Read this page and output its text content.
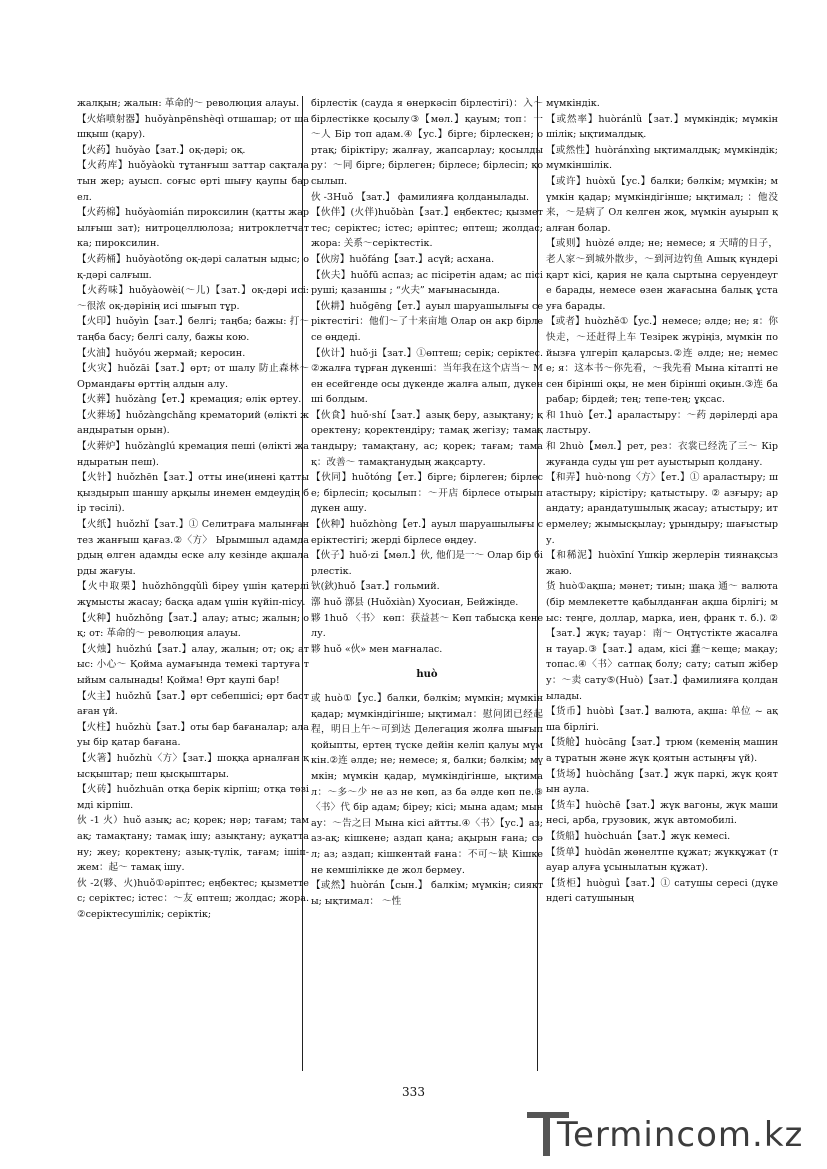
жалқын; жалын: 革命的～ революция алауы.

【火焰喷射器】huǒyànpēnshèqì отшашар; от шашқыш (қару).

【火药】huǒyào【зат.】оқ-дәрі; оқ.

【火药库】huǒyàokù тұтанғыш заттар сақталатын жер; ауысп. соғыс өрті шығу қаупы бар ел.

【火药棉】huǒyàomián пироксилин (қатты жарылғыш зат); нитроцеллюлоза; нитроклетчатка; пироксилин.

【火药桶】huǒyàotǒng оқ-дәрі салатын ыдыс; оқ-дәрі салғыш.

【火药味】huǒyàowèi(～儿)【зат.】оқ-дәрі исі: ～很浓 оқ-дәрінің исі шығып тұр.

【火印】huǒyìn【зат.】белгі; таңба; бажы: 打～ таңба басу; белгі салу, бажы кою.

【火油】huǒyóu жермай; керосин.

【火灾】huǒzāi【зат.】өрт; от шалу 防止森林～ Ормандағы өрттің алдын алу.

【火葬】huǒzàng【ет.】кремация; өлік өртеу.

【火葬场】huǒzàngchǎng крематорий (өлікті жандыратын орын).

【火葬炉】huǒzànglú кремация пеші (өлікті жандыратын пеш).

【火针】huǒzhēn【зат.】отты ине(иненi қатты қыздырып шаншу арқылы инемен емдеудің бір тәсілі).

【火纸】huǒzhǐ【зат.】① Селитраға малынған тез жанғыш қағаз.②〈方〉 Ырымшыл адамдардың өлген адамды еске алу кезінде ақшаларды жағуы.

【火中取栗】huǒzhōngqǔlì біреу үшін қатерлі жұмысты жасау; басқа адам үшін күйіп-пісу.

【火种】huǒzhǒng【зат.】алау; атыс; жалын; оқ; от: 革命的～ революция алауы.

【火烛】huǒzhú【зат.】алау, жалын; от; оқ; атыс: 小心～ Қойма аумағында темекі тартуға тыйым салынады! Қойма! Өрт қаупі бар!

【火主】huǒzhǔ【зат.】өрт себепшісі; өрт бастаған үй.

【火柱】huǒzhù【зат.】оты бар бағаналар; алауы бір қатар бағана.

【火箸】huǒzhù〈方〉【зат.】шоққа арналған қысқыштар; пеш қысқыштары.

【火砖】huǒzhuān отқа берік кірпіш; отқа төзімді кірпіш.

伙 -1 火）huǒ азық; ас; қорек; нәр; тағам; тамақ; тамақтану; тамақ ішу; азықтану; ауқаттану; жеу; қоректену; азық-түлік, тағам; ішіп-жем：起～ тамақ ішу.

伙 -2(夥、火)huǒ①әріптес; еңбектес; қызметтес; серіктес; істес：～友 өптеш; жолдас; жора.②серіктесушілік; серіктік;

бірлестік (сауда я өнеркәсіп бірлестігі)：入～ бірлестікке қосылу③【мөл.】қауым; топ：一～人 Бір топ адам.④【ус.】бірге; бірлескен; ортақ; біріктіру; жалғау, жапсарлау; қосылдыру：～同 бірге; бірлеген; бірлесе; бірлесіп; қосылып.

伙 -3Huǒ 【зат.】 фамилияға қолданылады.

【伙伴】(火伴)huǒbàn【зат.】еңбектес; қызметтес; серіктес; істес; әріптес; өптеш; жолдас; жора: 关系～серіктестік.

【伙房】huǒfáng【зат.】асүй; асхана.

【伙夫】huǒfū аспаз; ас пісіретін адам; ас пісіруші; қазаншы ; “火夫” мағынасында.

【伙耕】huǒgēng【ет.】ауыл шаруашылығы серіктестігі：他们～了十来亩地 Олар он акр бірлесе өңдеді.

【伙计】huǒ·ji【зат.】①өптеш; серік; серіктес.②жалға тұрған дүкенші：当年我在这个店当～ Мен есейгенде осы дүкенде жалға алып, дүкенші болдым.

【伙食】huǒ·shí【зат.】азық беру, азықтану; қоректену; қоректендіру; тамақ жегізу; тамақтандыру; тамақтану, ас; қорек; тағам; тамақ：改善～ тамақтанудың жақсарту.

【伙同】huǒtóng【ет.】бірге; бірлеген; бірлесе; бірлесіп; қосылып：～开店 бірлесе отырып дүкен ашу.

【伙种】huǒzhòng【ет.】ауыл шаруашылығы серіктестігі; жерді бірлесе өңдеу.

【伙子】huǒ·zi【мөл.】伙, 他们是一～ Олар бір бірлестік.

钬(鈥)huǒ【зат.】гольмий.

漷 huǒ 漷县 (Huǒxiàn) Хуосиан, Бейжіңде.

夥 1huǒ 〈书〉 көп：获益甚～ Көп табысқа кенелу.

夥 huǒ «伙» мен мағналас.

huò

或 huò①【ус.】балки, бәлкім; мүмкін; мүмкін қадар; мүмкіндігінше; ықтимал：慰问团已经起程，明日上午～可到达 Делегация жолға шығып қойыпты, ертең түске дейін келіп қалуы мүмкін.②连 әлде; не; немесе; я, балки; бәлкім; мүмкін; мүмкін қадар, мүмкіндігінше, ықтимал：～多～少 не аз не көп, аз ба әлде көп пе.③〈书〉代 бір адам; біреу; кісі; мына адам; мынау：～告之曰 Мына кісі айтты.④〈书〉【ус.】аз; аз-ақ; кішкене; аздап қана; ақырын ғана; сәл; аз; аздап; кішкентай ғана：不可～缺 Кішкене кемшілікке де жол бермеу.

【或然】huòrán【сын.】 балкім; мүмкін; сияқты; ықтимал： ～性

мүмкіндік.

【或然率】huòránlǜ【зат.】мүмкіндік; мүмкіншілік; ықтималдық.

【或然性】huòránxìng ықтималдық; мүмкіндік; мүмкіншілік.

【或许】huòxǔ【ус.】балки; бәлкім; мүмкін; мүмкін қадар; мүмкіндігінше; ықтимал; ：他没来，～是病了 Ол келген жоқ, мүмкін ауырып қалған болар.

【或则】huòzé әлде; не; немесе; я 天晴的日子，老人家～到城外散步，～到河边钓鱼 Ашық күндері қарт кісі, қария не қала сыртына серуендеуге барады, немесе өзен жағасына балық ұстауға барады.

【或者】huòzhě①【ус.】немесе; әлде; не; я：你快走，～还赶得上车 Тезірек жүріңіз, мүмкін пойызға үлгеріп қаларсыз.②连 әлде; не; немесе; я：这本书～你先看，～我先看 Мына кітапті не сен бірінші оқы, не мен бірінші оқиын.③连 барабар; бірдей; тең; тепе-тең; ұқсас.

和 1huò【ет.】араластыру：～药 дәрілерді араластыру.

和 2huò【мөл.】рет, рез：衣裳已经洗了三～ Кір жуғанда суды үш рет ауыстырып қолдану.

【和弄】huò·nong〈方〉【ет.】① араластыру; шатастыру; кірістіру; қатыстыру. ② азғыру; арандату; арандатушылық жасау; атыстыру; итермелеу; жымысқылау; ұрындыру; шағыстыру.

【和稀泥】huòxīní Үшкір жерлерін тиянақсыз жаю.

货 huò①ақша; мәнет; тиын; шақа 通～ валюта (бір мемлекетте қабылданған ақша бірлігі; мыс: теңге, доллар, марка, иен, франк т. б.). ②【зат.】жүк; тауар：南～ Оңтүстікте жасалған тауар.③【зат.】адам, кісі 蠢～кеще; мақау; топас.④〈书〉сатпақ болу; сату; сатып жіберу：～卖 сату⑤(Huò)【зат.】фамилияға қолданылады.

【货币】huòbì【зат.】валюта, ақша: 单位 ~ ақша бірлігі.

【货舱】huòcāng【зат.】трюм (кеменің машина тұратын және жүк қоятын астыңғы үй).

【货场】huòchǎng【зат.】жүк паркі, жүк қоятын аула.

【货车】huòchē【зат.】жүк вагоны, жүк машинесі, арба, грузовик, жүк автомобилі.

【货船】huòchuán【зат.】жүк кемесі.

【货单】huòdān жөнелтпе құжат; жүкқұжат (тауар алуға ұсынылатын құжат).

【货柜】huòguì【зат.】① сатушы сересі (дүкендегі сатушының

333
Termincom.kz
